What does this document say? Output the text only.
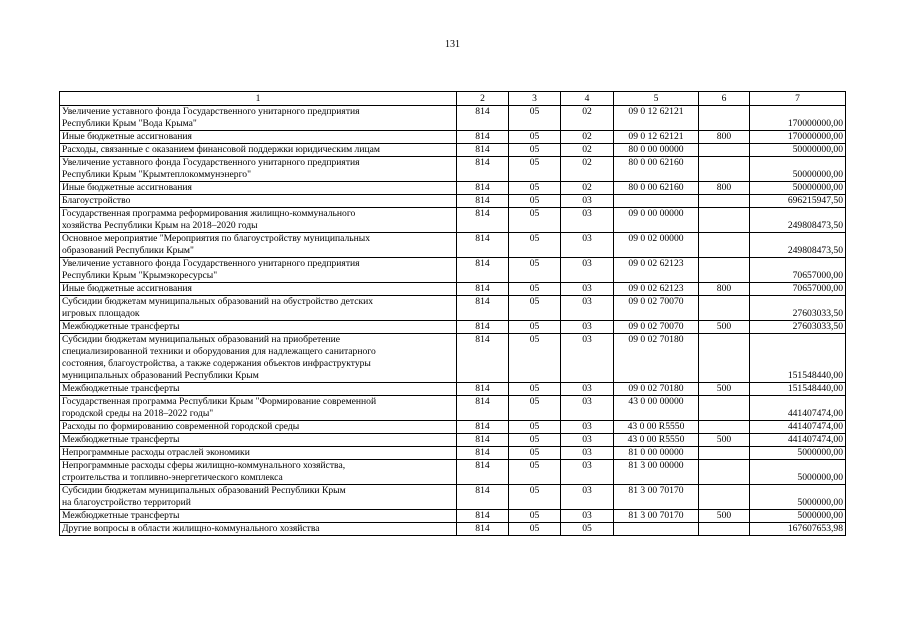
131
1	2	3	4	5	6	7
Увеличение уставного фонда Государственного унитарного предприятия
Республики Крым "Вода Крыма"	814	05	02	09 0 12 62121		170000000,00
Иные бюджетные ассигнования	814	05	02	09 0 12 62121	800	170000000,00
Расходы, связанные с оказанием финансовой поддержки юридическим лицам	814	05	02	80 0 00 00000		50000000,00
Увеличение уставного фонда Государственного унитарного предприятия
Республики Крым "Крымтеплокоммунэнерго"	814	05	02	80 0 00 62160		50000000,00
Иные бюджетные ассигнования	814	05	02	80 0 00 62160	800	50000000,00
Благоустройство	814	05	03			696215947,50
Государственная программа реформирования жилищно-коммунального
хозяйства Республики Крым на 2018–2020 годы	814	05	03	09 0 00 00000		249808473,50
Основное мероприятие "Мероприятия по благоустройству муниципальных
образований Республики Крым"	814	05	03	09 0 02 00000		249808473,50
Увеличение уставного фонда Государственного унитарного предприятия
Республики Крым "Крымэкоресурсы"	814	05	03	09 0 02 62123		70657000,00
Иные бюджетные ассигнования	814	05	03	09 0 02 62123	800	70657000,00
Субсидии бюджетам муниципальных образований на обустройство детских
игровых площадок	814	05	03	09 0 02 70070		27603033,50
Межбюджетные трансферты	814	05	03	09 0 02 70070	500	27603033,50
Субсидии бюджетам муниципальных образований на приобретение
специализированной техники и оборудования для надлежащего санитарного
состояния, благоустройства, а также содержания объектов инфраструктуры
муниципальных образований Республики Крым	814	05	03	09 0 02 70180		151548440,00
Межбюджетные трансферты	814	05	03	09 0 02 70180	500	151548440,00
Государственная программа Республики Крым "Формирование современной
городской среды на 2018–2022 годы"	814	05	03	43 0 00 00000		441407474,00
Расходы по формированию современной городской среды	814	05	03	43 0 00 R5550		441407474,00
Межбюджетные трансферты	814	05	03	43 0 00 R5550	500	441407474,00
Непрограммные расходы отраслей экономики	814	05	03	81 0 00 00000		5000000,00
Непрограммные расходы сферы жилищно-коммунального хозяйства,
строительства и топливно-энергетического комплекса	814	05	03	81 3 00 00000		5000000,00
Субсидии бюджетам муниципальных образований Республики Крым
на благоустройство территорий	814	05	03	81 3 00 70170		5000000,00
Межбюджетные трансферты	814	05	03	81 3 00 70170	500	5000000,00
Другие вопросы в области жилищно-коммунального хозяйства	814	05	05			167607653,98
